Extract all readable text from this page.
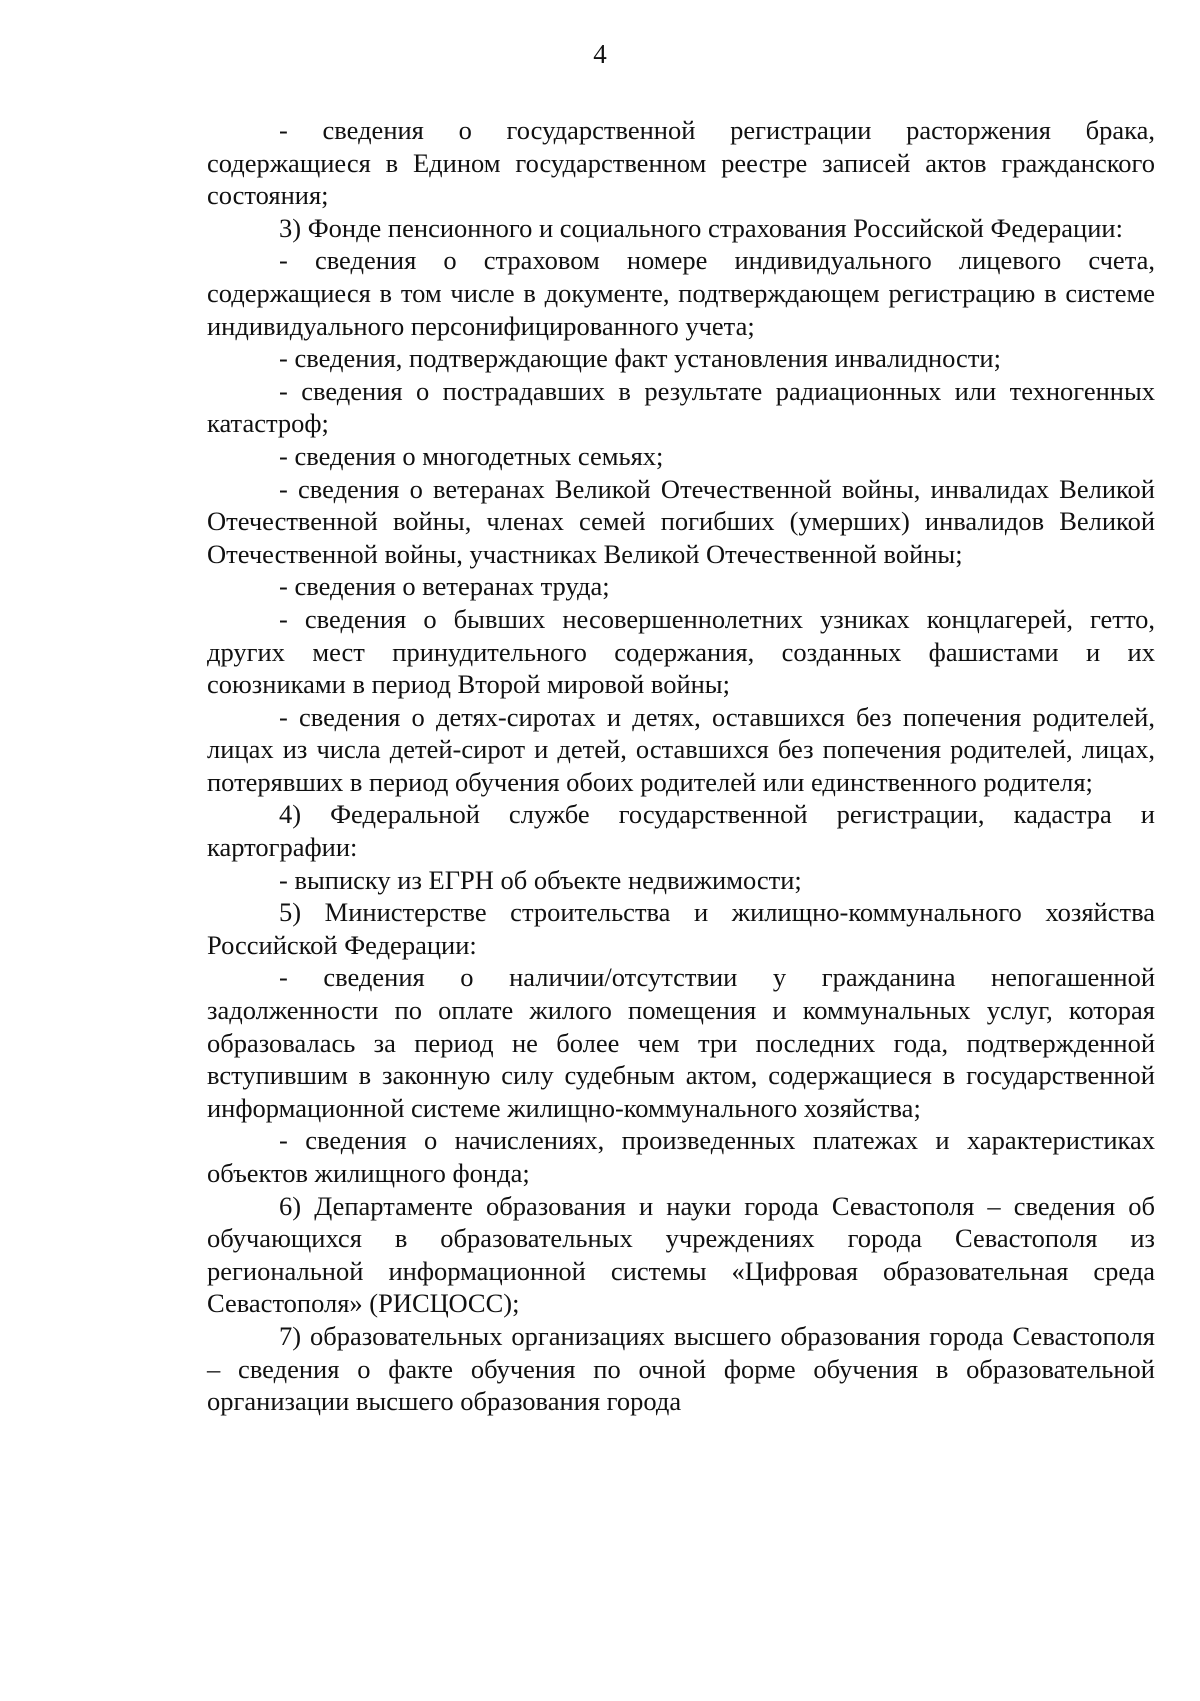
4

- сведения о государственной регистрации расторжения брака, содержащиеся в Едином государственном реестре записей актов гражданского состояния;

3) Фонде пенсионного и социального страхования Российской Федерации:

- сведения о страховом номере индивидуального лицевого счета, содержащиеся в том числе в документе, подтверждающем регистрацию в системе индивидуального персонифицированного учета;

- сведения, подтверждающие факт установления инвалидности;

- сведения о пострадавших в результате радиационных или техногенных катастроф;

- сведения о многодетных семьях;

- сведения о ветеранах Великой Отечественной войны, инвалидах Великой Отечественной войны, членах семей погибших (умерших) инвалидов Великой Отечественной войны, участниках Великой Отечественной войны;

- сведения о ветеранах труда;

- сведения о бывших несовершеннолетних узниках концлагерей, гетто, других мест принудительного содержания, созданных фашистами и их союзниками в период Второй мировой войны;

- сведения о детях-сиротах и детях, оставшихся без попечения родителей, лицах из числа детей-сирот и детей, оставшихся без попечения родителей, лицах, потерявших в период обучения обоих родителей или единственного родителя;

4) Федеральной службе государственной регистрации, кадастра и картографии:

- выписку из ЕГРН об объекте недвижимости;

5) Министерстве строительства и жилищно-коммунального хозяйства Российской Федерации:

- сведения о наличии/отсутствии у гражданина непогашенной задолженности по оплате жилого помещения и коммунальных услуг, которая образовалась за период не более чем три последних года, подтвержденной вступившим в законную силу судебным актом, содержащиеся в государственной информационной системе жилищно-коммунального хозяйства;

- сведения о начислениях, произведенных платежах и характеристиках объектов жилищного фонда;

6) Департаменте образования и науки города Севастополя – сведения об обучающихся в образовательных учреждениях города Севастополя из региональной информационной системы «Цифровая образовательная среда Севастополя» (РИСЦОСС);

7) образовательных организациях высшего образования города Севастополя – сведения о факте обучения по очной форме обучения в образовательной организации высшего образования города
